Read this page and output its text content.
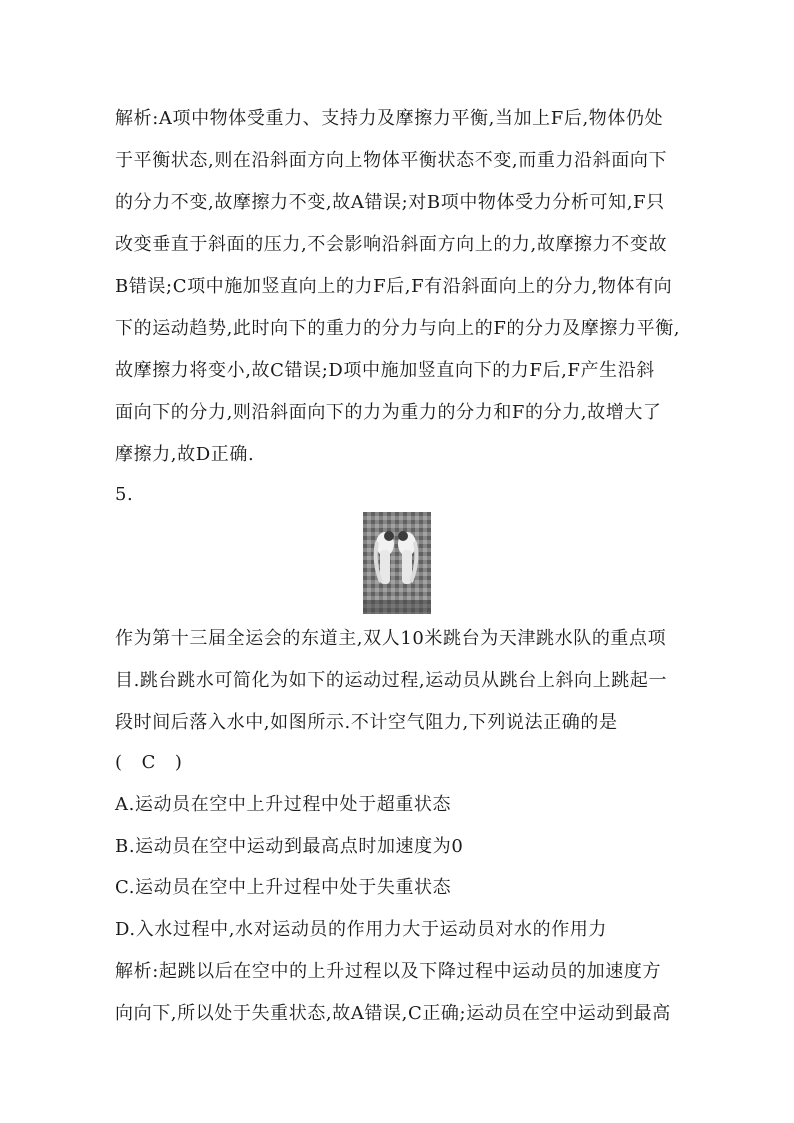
解析:A项中物体受重力、支持力及摩擦力平衡,当加上F后,物体仍处
于平衡状态,则在沿斜面方向上物体平衡状态不变,而重力沿斜面向下
的分力不变,故摩擦力不变,故A错误;对B项中物体受力分析可知,F只
改变垂直于斜面的压力,不会影响沿斜面方向上的力,故摩擦力不变故
B错误;C项中施加竖直向上的力F后,F有沿斜面向上的分力,物体有向
下的运动趋势,此时向下的重力的分力与向上的F的分力及摩擦力平衡,
故摩擦力将变小,故C错误;D项中施加竖直向下的力F后,F产生沿斜
面向下的分力,则沿斜面向下的力为重力的分力和F的分力,故增大了
摩擦力,故D正确.
5.
作为第十三届全运会的东道主,双人10米跳台为天津跳水队的重点项
目.跳台跳水可简化为如下的运动过程,运动员从跳台上斜向上跳起一
段时间后落入水中,如图所示.不计空气阻力,下列说法正确的是
(   C   )
A.运动员在空中上升过程中处于超重状态
B.运动员在空中运动到最高点时加速度为0
C.运动员在空中上升过程中处于失重状态
D.入水过程中,水对运动员的作用力大于运动员对水的作用力
解析:起跳以后在空中的上升过程以及下降过程中运动员的加速度方
向向下,所以处于失重状态,故A错误,C正确;运动员在空中运动到最高
